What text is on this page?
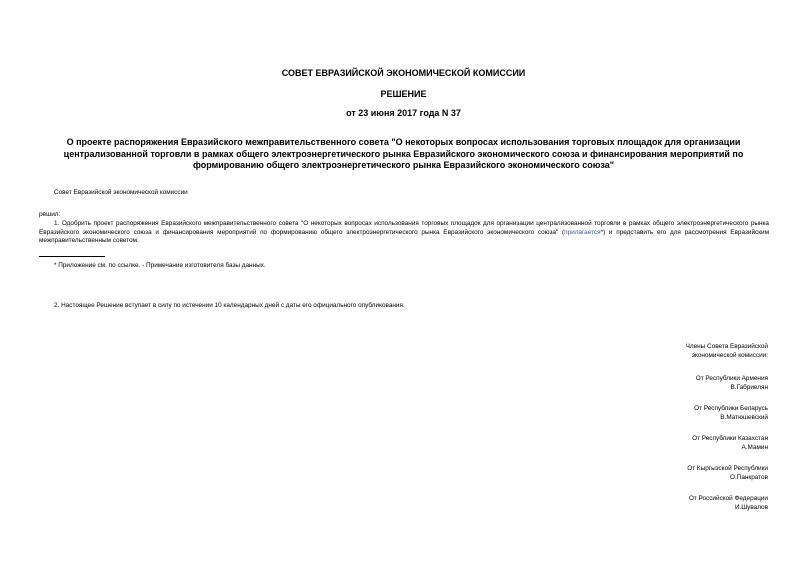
СОВЕТ ЕВРАЗИЙСКОЙ ЭКОНОМИЧЕСКОЙ КОМИССИИ
РЕШЕНИЕ
от 23 июня 2017 года N 37
О проекте распоряжения Евразийского межправительственного совета "О некоторых вопросах использования торговых площадок для организации централизованной торговли в рамках общего электроэнергетического рынка Евразийского экономического союза и финансирования мероприятий по формированию общего электроэнергетического рынка Евразийского экономического союза"
Совет Евразийской экономической комиссии
решил:
1. Одобрить проект распоряжения Евразийского межправительственного совета "О некоторых вопросах использования торговых площадок для организации централизованной торговли в рамках общего электроэнергетического рынка Евразийского экономического союза и финансирования мероприятий по формированию общего электроэнергетического рынка Евразийского экономического союза" (прилагается*) и представить его для рассмотрения Евразийским межправительственным советом.
* Приложение см. по ссылке. - Примечание изготовителя базы данных.
2. Настоящее Решение вступает в силу по истечении 10 календарных дней с даты его официального опубликования.
Члены Совета Евразийской
экономической комиссии:
От Республики Армения
В.Габриелян
От Республики Беларусь
В.Матюшевский
От Республики Казахстан
А.Мамин
От Кыргызской Республики
О.Панкратов
От Российской Федерации
И.Шувалов
